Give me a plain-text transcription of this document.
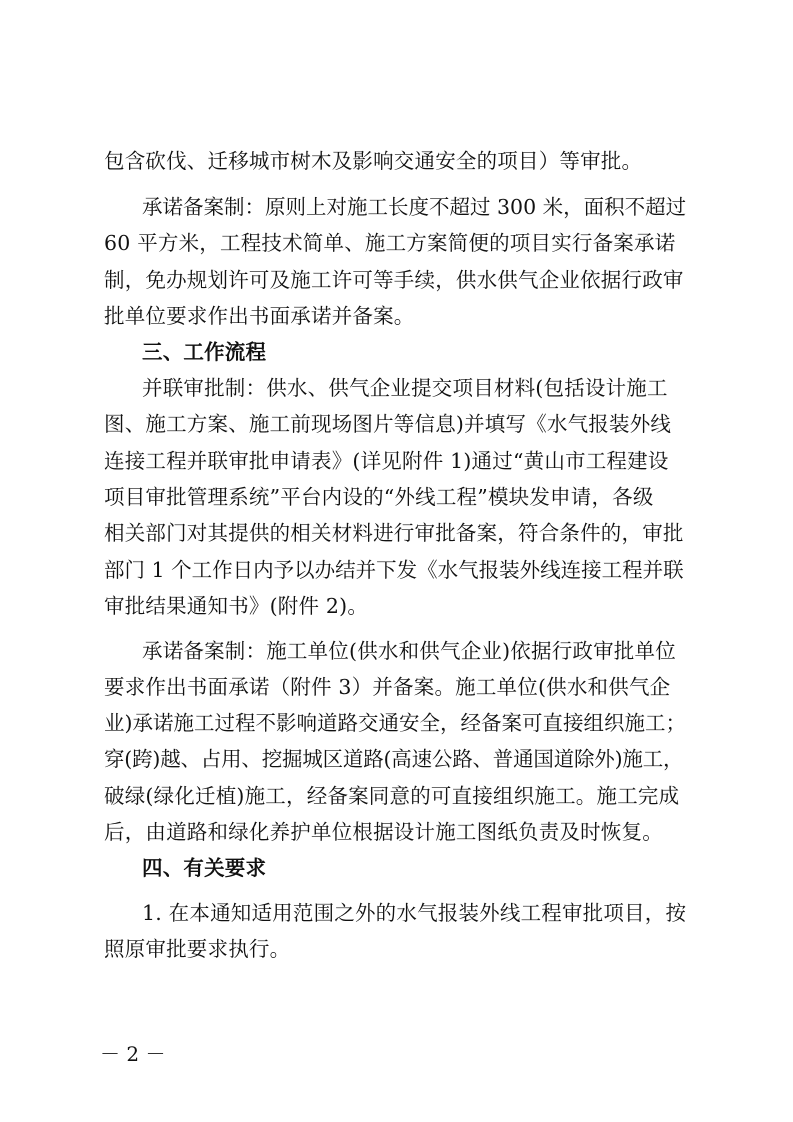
包含砍伐、迁移城市树木及影响交通安全的项目）等审批。
承诺备案制：原则上对施工长度不超过 300 米，面积不超过
60 平方米，工程技术简单、施工方案简便的项目实行备案承诺
制，免办规划许可及施工许可等手续，供水供气企业依据行政审
批单位要求作出书面承诺并备案。
三、工作流程
并联审批制：供水、供气企业提交项目材料(包括设计施工
图、施工方案、施工前现场图片等信息)并填写《水气报装外线
连接工程并联审批申请表》(详见附件 1)通过“黄山市工程建设
项目审批管理系统”平台内设的“外线工程”模块发申请，各级
相关部门对其提供的相关材料进行审批备案，符合条件的，审批
部门 1 个工作日内予以办结并下发《水气报装外线连接工程并联
审批结果通知书》(附件 2)。
承诺备案制：施工单位(供水和供气企业)依据行政审批单位
要求作出书面承诺（附件 3）并备案。施工单位(供水和供气企
业)承诺施工过程不影响道路交通安全，经备案可直接组织施工；
穿(跨)越、占用、挖掘城区道路(高速公路、普通国道除外)施工，
破绿(绿化迁植)施工，经备案同意的可直接组织施工。施工完成
后，由道路和绿化养护单位根据设计施工图纸负责及时恢复。
四、有关要求
1. 在本通知适用范围之外的水气报装外线工程审批项目，按
照原审批要求执行。
－ 2 －
